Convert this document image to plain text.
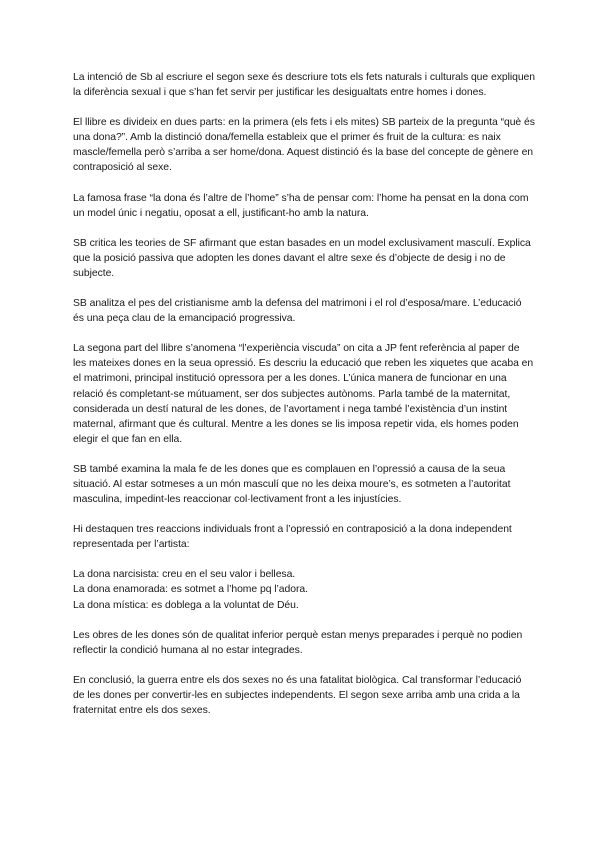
La intenció de Sb al escriure el segon sexe és descriure tots els fets naturals i culturals que expliquen la diferència sexual i que s’han fet servir per justificar les desigualtats entre homes i dones.

El llibre es divideix en dues parts: en la primera (els fets i els mites) SB parteix de la pregunta “què és una dona?”. Amb la distinció dona/femella estableix que el primer és fruit de la cultura: es naix mascle/femella però s’arriba a ser home/dona. Aquest distinció és la base del concepte de gènere en contraposició al sexe.

La famosa frase “la dona és l’altre de l’home” s’ha de pensar com: l’home ha pensat en la dona com un model únic i negatiu, oposat a ell, justificant-ho amb la natura.

SB critica les teories de SF afirmant que estan basades en un model exclusivament masculí. Explica que la posició passiva que adopten les dones davant el altre sexe és d’objecte de desig i no de subjecte.

SB analitza el pes del cristianisme amb la defensa del matrimoni i el rol d’esposa/mare. L’educació és una peça clau de la emancipació progressiva.

La segona part del llibre s’anomena “l’experiència viscuda” on cita a JP fent referència al paper de les mateixes dones en la seua opressió. Es descriu la educació que reben les xiquetes que acaba en el matrimoni, principal institució opressora per a les dones. L’única manera de funcionar en una relació és completant-se mútuament, ser dos subjectes autònoms. Parla també de la maternitat, considerada un destí natural de les dones, de l’avortament i nega també l’existència d’un instint maternal, afirmant que és cultural. Mentre a les dones se lis imposa repetir vida, els homes poden elegir el que fan en ella.

SB també examina la mala fe de les dones que es complauen en l’opressió a causa de la seua situació. Al estar sotmeses a un món masculí que no les deixa moure’s, es sotmeten a l’autoritat masculina, impedint-les reaccionar col·lectivament front a les injustícies.

Hi destaquen tres reaccions individuals front a l’opressió en contraposició a la dona independent representada per l’artista:

La dona narcisista: creu en el seu valor i bellesa.
La dona enamorada: es sotmet a l’home pq l’adora.
La dona mística: es doblega a la voluntat de Déu.

Les obres de les dones són de qualitat inferior perquè estan menys preparades i perquè no podien reflectir la condició humana al no estar integrades.

En conclusió, la guerra entre els dos sexes no és una fatalitat biològica. Cal transformar l’educació de les dones per convertir-les en subjectes independents. El segon sexe arriba amb una crida a la fraternitat entre els dos sexes.
